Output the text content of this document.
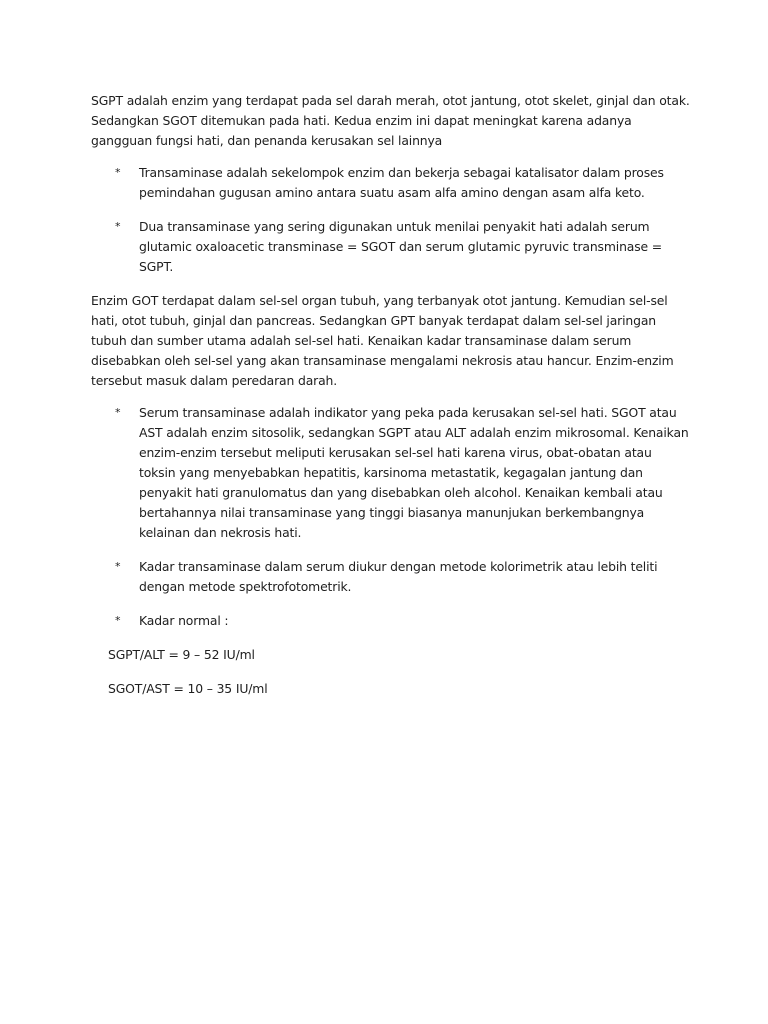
SGPT adalah enzim yang terdapat pada sel darah merah, otot jantung, otot skelet, ginjal dan otak. Sedangkan SGOT ditemukan pada hati. Kedua enzim ini dapat meningkat karena adanya gangguan fungsi hati, dan penanda kerusakan sel lainnya

* Transaminase adalah sekelompok enzim dan bekerja sebagai katalisator dalam proses pemindahan gugusan amino antara suatu asam alfa amino dengan asam alfa keto.
* Dua transaminase yang sering digunakan untuk menilai penyakit hati adalah serum glutamic oxaloacetic transminase = SGOT dan serum glutamic pyruvic transminase = SGPT.

Enzim GOT terdapat dalam sel-sel organ tubuh, yang terbanyak otot jantung. Kemudian sel-sel hati, otot tubuh, ginjal dan pancreas. Sedangkan GPT banyak terdapat dalam sel-sel jaringan tubuh dan sumber utama adalah sel-sel hati. Kenaikan kadar transaminase dalam serum disebabkan oleh sel-sel yang akan transaminase mengalami nekrosis atau hancur. Enzim-enzim tersebut masuk dalam peredaran darah.

* Serum transaminase adalah indikator yang peka pada kerusakan sel-sel hati. SGOT atau AST adalah enzim sitosolik, sedangkan SGPT atau ALT adalah enzim mikrosomal. Kenaikan enzim-enzim tersebut meliputi kerusakan sel-sel hati karena virus, obat-obatan atau toksin yang menyebabkan hepatitis, karsinoma metastatik, kegagalan jantung dan penyakit hati granulomatus dan yang disebabkan oleh alcohol. Kenaikan kembali atau bertahannya nilai transaminase yang tinggi biasanya manunjukan berkembangnya kelainan dan nekrosis hati.
* Kadar transaminase dalam serum diukur dengan metode kolorimetrik atau lebih teliti dengan metode spektrofotometrik.
* Kadar normal :

SGPT/ALT = 9 – 52 IU/ml

SGOT/AST = 10 – 35 IU/ml
